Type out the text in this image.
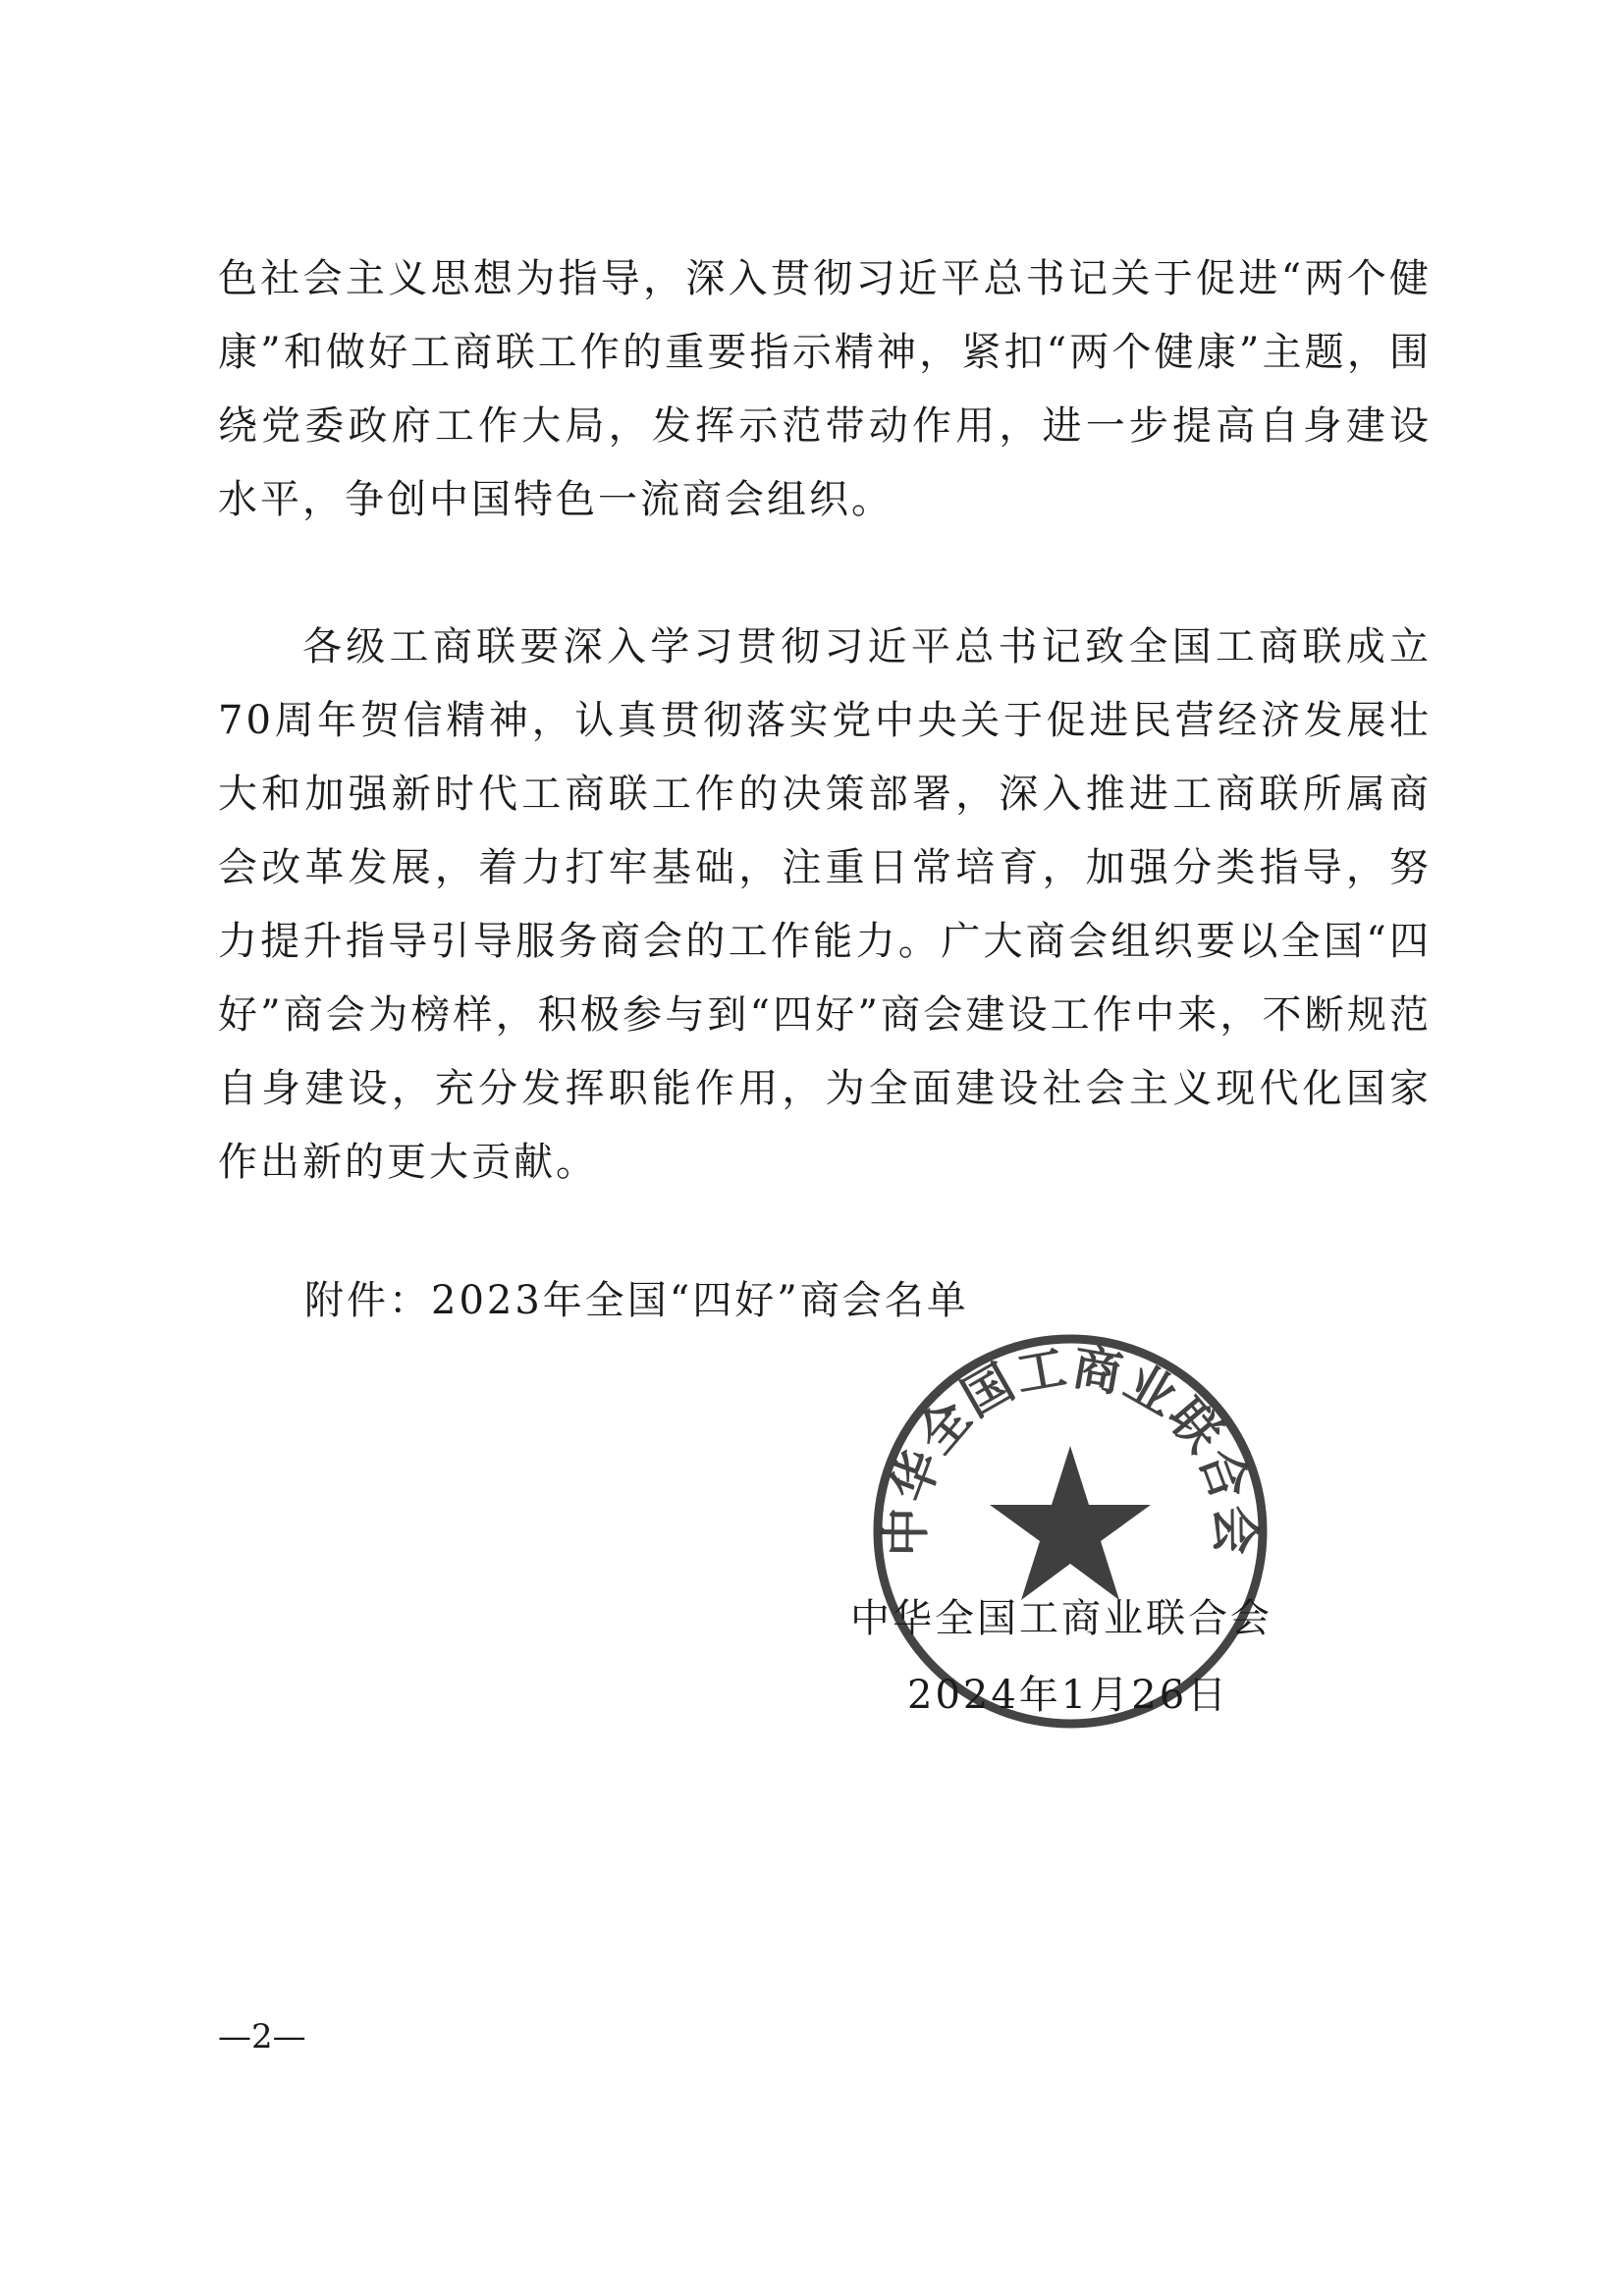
色社会主义思想为指导，深入贯彻习近平总书记关于促进“两个健康”和做好工商联工作的重要指示精神，紧扣“两个健康”主题，围绕党委政府工作大局，发挥示范带动作用，进一步提高自身建设水平，争创中国特色一流商会组织。

各级工商联要深入学习贯彻习近平总书记致全国工商联成立70周年贺信精神，认真贯彻落实党中央关于促进民营经济发展壮大和加强新时代工商联工作的决策部署，深入推进工商联所属商会改革发展，着力打牢基础，注重日常培育，加强分类指导，努力提升指导引导服务商会的工作能力。广大商会组织要以全国“四好”商会为榜样，积极参与到“四好”商会建设工作中来，不断规范自身建设，充分发挥职能作用，为全面建设社会主义现代化国家作出新的更大贡献。

附件：2023年全国“四好”商会名单

中华全国工商业联合会

中华全国工商业联合会

2024年1月26日

—2—
